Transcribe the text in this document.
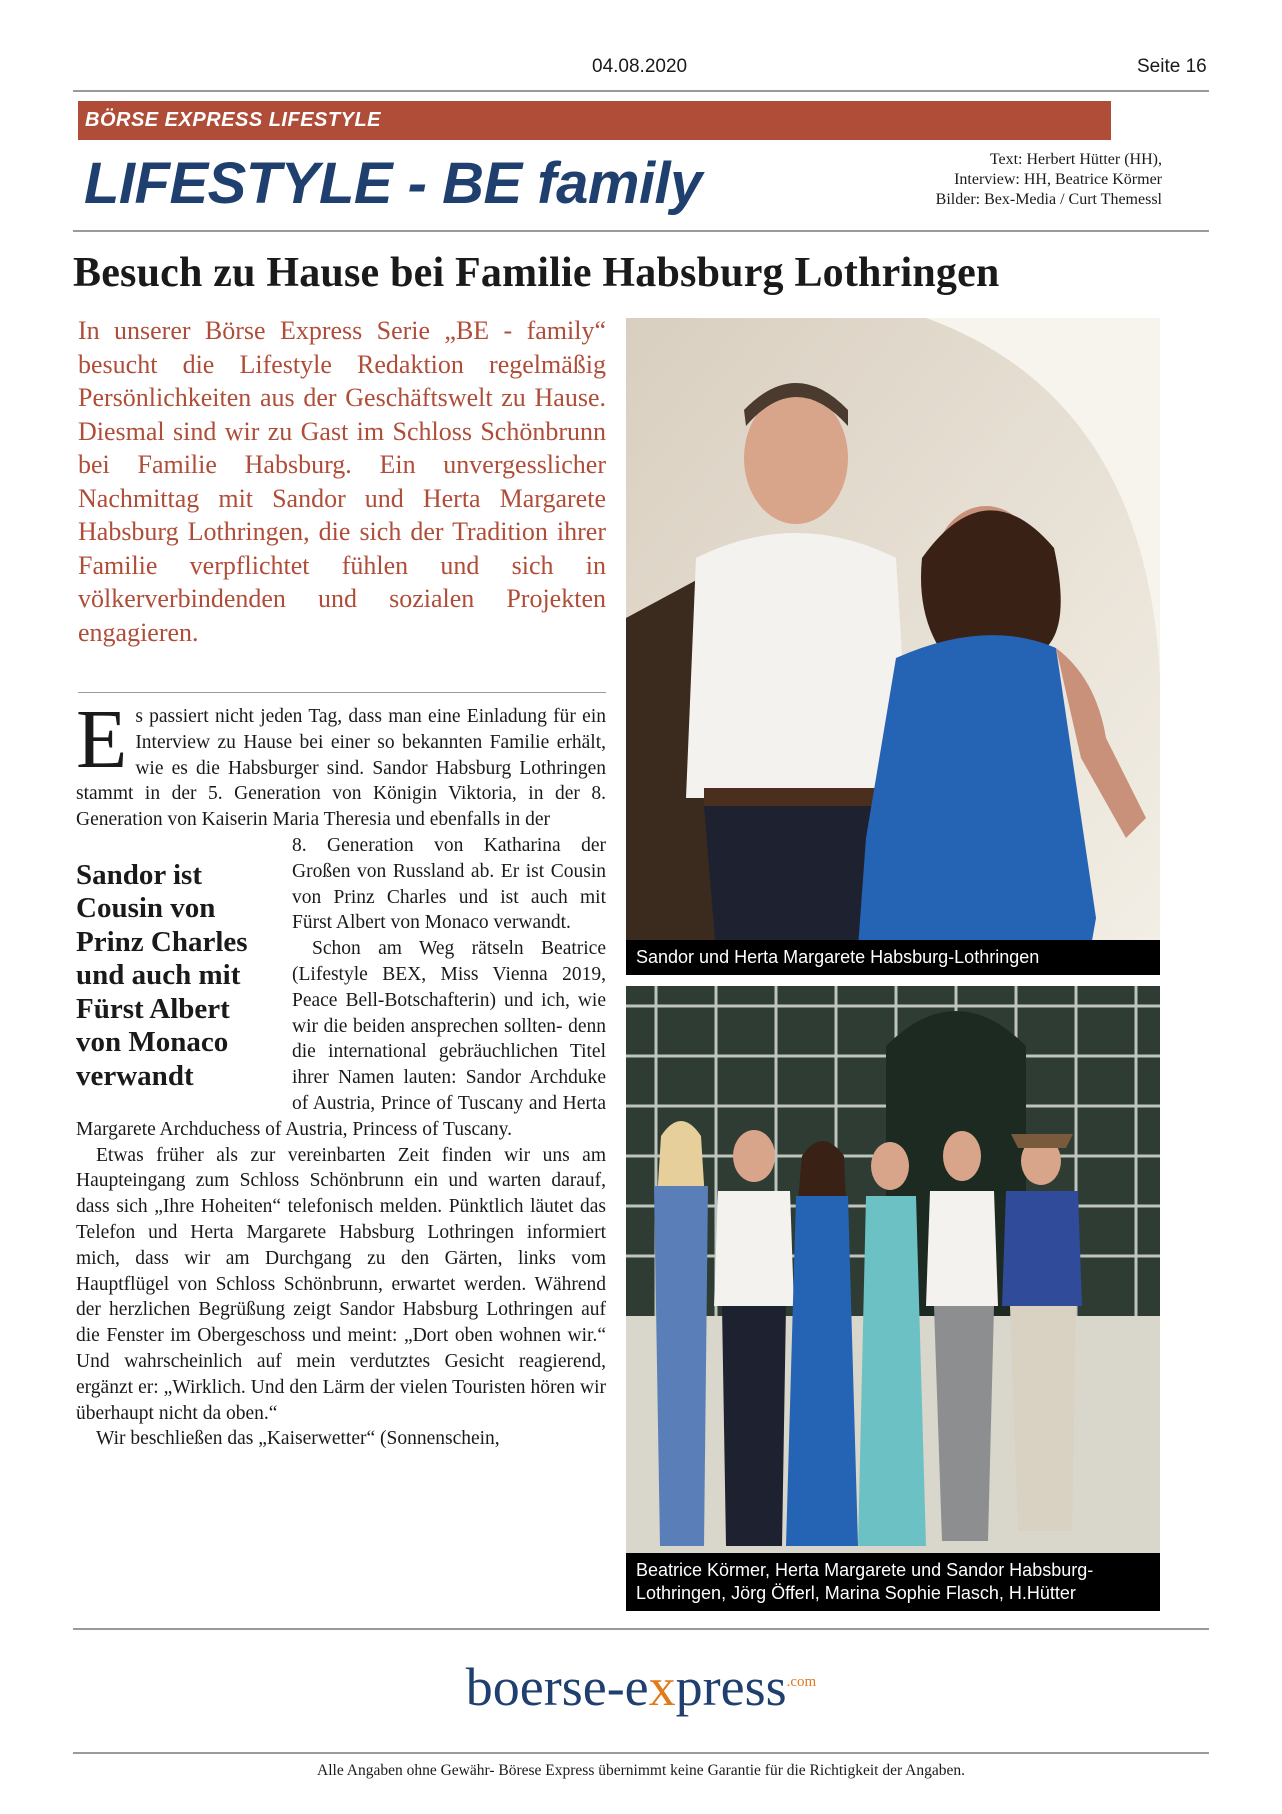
04.08.2020	Seite 16
BÖRSE EXPRESS LIFESTYLE
LIFESTYLE - BE family	Text: Herbert Hütter (HH),
Interview: HH, Beatrice Körmer
Bilder: Bex-Media / Curt Themessl
Besuch zu Hause bei Familie Habsburg Lothringen
In unserer Börse Express Serie „BE - family“ besucht die Lifestyle Redaktion regelmäßig Persönlichkeiten aus der Geschäftswelt zu Hause. Diesmal sind wir zu Gast im Schloss Schönbrunn bei Familie Habsburg. Ein unvergesslicher Nachmittag mit Sandor und Herta Margarete Habsburg Lothringen, die sich der Tradition ihrer Familie verpflichtet fühlen und sich in völkerverbindenden und sozialen Projekten engagieren.

Es passiert nicht jeden Tag, dass man eine Einladung für ein Interview zu Hause bei einer so bekannten Familie erhält, wie es die Habsburger sind. Sandor Habsburg Lothringen stammt in der 5. Generation von Königin Viktoria, in der 8. Generation von Kaiserin Maria Theresia und ebenfalls in der

Sandor ist Cousin von Prinz Charles und auch mit Fürst Albert von Monaco verwandt

8. Generation von Katharina der Großen von Russland ab. Er ist Cousin von Prinz Charles und ist auch mit Fürst Albert von Monaco verwandt.

Schon am Weg rätseln Beatrice (Lifestyle BEX, Miss Vienna 2019, Peace Bell-Botschafterin) und ich, wie wir die beiden ansprechen sollten- denn die international gebräuchlichen Titel ihrer Namen lauten: Sandor Archduke of Austria, Prince of Tuscany and Herta Margarete Archduchess of Austria, Princess of Tuscany.

Etwas früher als zur vereinbarten Zeit finden wir uns am Haupteingang zum Schloss Schönbrunn ein und warten darauf, dass sich „Ihre Hoheiten“ telefonisch melden. Pünktlich läutet das Telefon und Herta Margarete Habsburg Lothringen informiert mich, dass wir am Durchgang zu den Gärten, links vom Hauptflügel von Schloss Schönbrunn, erwartet werden. Während der herzlichen Begrüßung zeigt Sandor Habsburg Lothringen auf die Fenster im Obergeschoss und meint: „Dort oben wohnen wir.“ Und wahrscheinlich auf mein verdutztes Gesicht reagierend, ergänzt er: „Wirklich. Und den Lärm der vielen Touristen hören wir überhaupt nicht da oben.“

Wir beschließen das „Kaiserwetter“ (Sonnenschein,

Sandor und Herta Margarete Habsburg-Lothringen
Beatrice Körmer, Herta Margarete und Sandor Habsburg-
Lothringen, Jörg Öfferl, Marina Sophie Flasch, H.Hütter
boerse-express$^{.com}$
Alle Angaben ohne Gewähr- Börese Express übernimmt keine Garantie für die Richtigkeit der Angaben.
